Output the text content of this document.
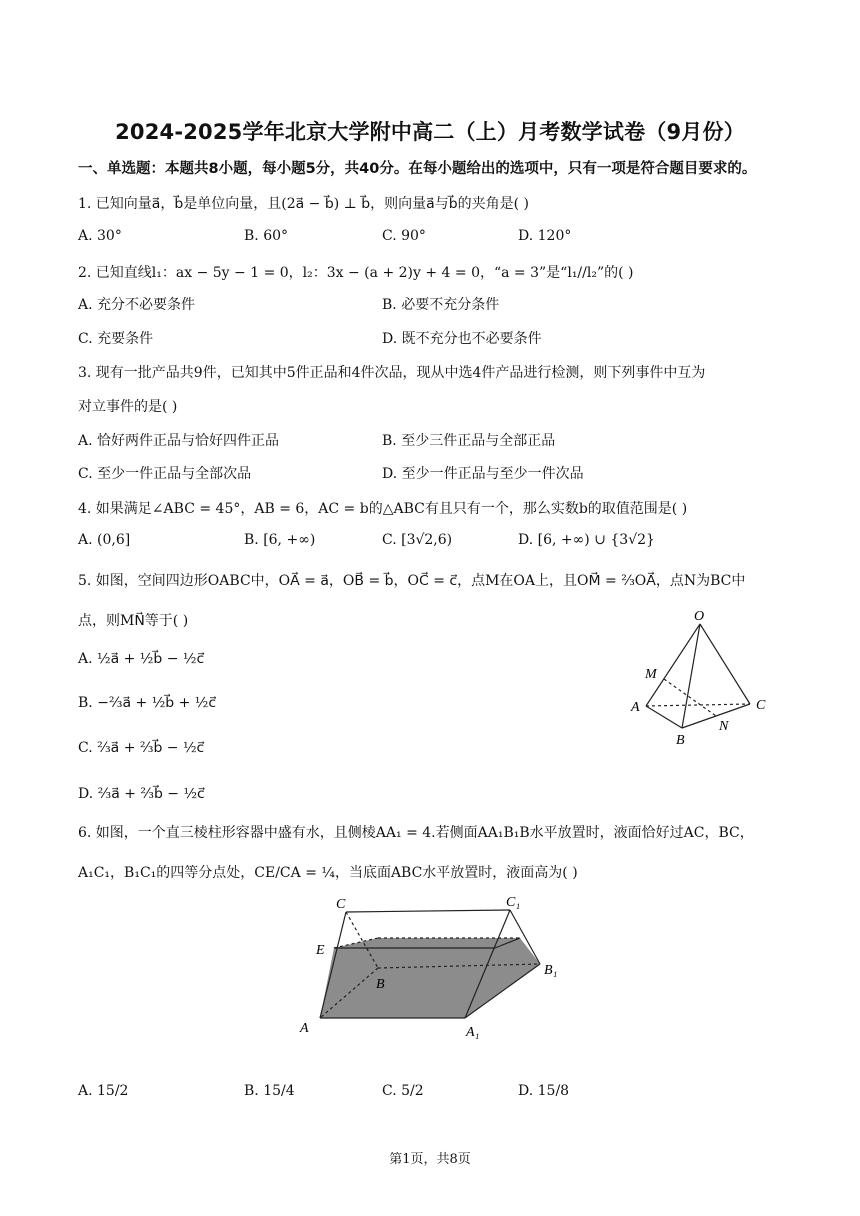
2024-2025学年北京大学附中高二（上）月考数学试卷（9月份）
一、单选题：本题共8小题，每小题5分，共40分。在每小题给出的选项中，只有一项是符合题目要求的。
1. 已知向量a⃗，b⃗是单位向量，且(2a⃗ − b⃗) ⊥ b⃗，则向量a⃗与b⃗的夹角是( )
A. 30°	B. 60°	C. 90°	D. 120°
2. 已知直线l₁：ax − 5y − 1 = 0，l₂：3x − (a + 2)y + 4 = 0，“a = 3”是“l₁//l₂”的( )
A. 充分不必要条件	B. 必要不充分条件
C. 充要条件	D. 既不充分也不必要条件
3. 现有一批产品共9件，已知其中5件正品和4件次品，现从中选4件产品进行检测，则下列事件中互为
对立事件的是( )
A. 恰好两件正品与恰好四件正品	B. 至少三件正品与全部正品
C. 至少一件正品与全部次品	D. 至少一件正品与至少一件次品
4. 如果满足∠ABC = 45°，AB = 6，AC = b的△ABC有且只有一个，那么实数b的取值范围是( )
A. (0,6]	B. [6, +∞)	C. [3√2,6)	D. [6, +∞) ∪ {3√2}
5. 如图，空间四边形OABC中，OA⃗ = a⃗，OB⃗ = b⃗，OC⃗ = c⃗，点M在OA上，且OM⃗ = ⅔OA⃗，点N为BC中
点，则MN⃗等于( )
A. ½a⃗ + ½b⃗ − ½c⃗
B. −⅔a⃗ + ½b⃗ + ½c⃗
C. ⅔a⃗ + ⅔b⃗ − ½c⃗
D. ⅔a⃗ + ⅔b⃗ − ½c⃗
O
M
A
B
N
C
6. 如图，一个直三棱柱形容器中盛有水，且侧棱AA₁ = 4.若侧面AA₁B₁B水平放置时，液面恰好过AC，BC，
A₁C₁，B₁C₁的四等分点处，CE/CA = ¼，当底面ABC水平放置时，液面高为( )
C	C₁
E
B
B₁
A	A₁
A. 15/2	B. 15/4	C. 5/2	D. 15/8
第1页，共8页
